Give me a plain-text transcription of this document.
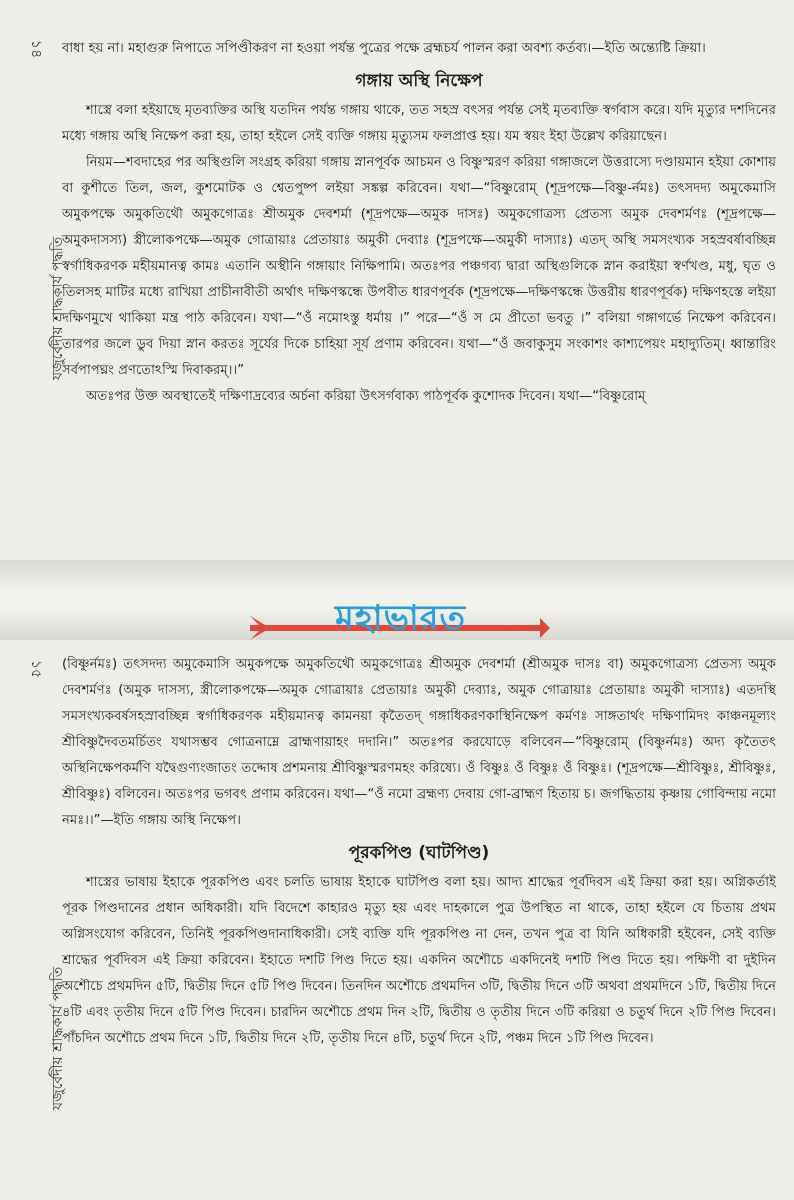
১৪
যজুর্বেদীয় শ্রাদ্ধকার্য পদ্ধতি

বাধা হয় না। মহাগুরু নিপাতে সপিণ্ডীকরণ না হওয়া পর্যন্ত পুত্রের পক্ষে ব্রহ্মচর্য পালন করা অবশ্য কর্তব্য।—ইতি অন্ত্যেষ্টি ক্রিয়া।

গঙ্গায় অস্থি নিক্ষেপ

শাস্ত্রে বলা হইয়াছে মৃতব্যক্তির অস্থি যতদিন পর্যন্ত গঙ্গায় থাকে, তত সহস্র বৎসর পর্যন্ত সেই মৃতব্যক্তি স্বর্গবাস করে। যদি মৃত্যুর দশদিনের মধ্যে গঙ্গায় অস্থি নিক্ষেপ করা হয়, তাহা হইলে সেই ব্যক্তি গঙ্গায় মৃত্যুসম ফলপ্রাপ্ত হয়। যম স্বয়ং ইহা উল্লেখ করিয়াছেন।

নিয়ম—শবদাহের পর অস্থিগুলি সংগ্রহ করিয়া গঙ্গায় স্নানপূর্বক আচমন ও বিষ্ণুস্মরণ করিয়া গঙ্গাজলে উত্তরাস্যে দণ্ডায়মান হইয়া কোশায় বা কুশীতে তিল, জল, কুশমোটক ও শ্বেতপুষ্প লইয়া সঙ্কল্প করিবেন। যথা—“বিষ্ণুরোম্ (শূদ্রপক্ষে—বিষ্ণু-র্নমঃ) তৎসদদ্য অমুকেমাসি অমুকপক্ষে অমুকতিথৌ অমুকগোত্রঃ শ্রীঅমুক দেবশর্মা (শূদ্রপক্ষে—অমুক দাসঃ) অমুকগোত্রস্য প্রেতস্য অমুক দেবশর্মণঃ (শূদ্রপক্ষে—অমুকদাসস্য) স্ত্রীলোকপক্ষে—অমুক গোত্রায়াঃ প্রেতায়াঃ অমুকী দেব্যাঃ (শূদ্রপক্ষে—অমুকী দাস্যাঃ) এতদ্ অস্থি সমসংখ্যক সহস্রবর্ষাবচ্ছিন্ন স্বর্গাধিকরণক মহীয়মানত্ব কামঃ এতানি অস্থীনি গঙ্গায়াং নিক্ষিপামি। অতঃপর পঞ্চগব্য দ্বারা অস্থিগুলিকে স্নান করাইয়া স্বর্ণখণ্ড, মধু, ঘৃত ও তিলসহ মাটির মধ্যে রাখিয়া প্রাচীনাবীতী অর্থাৎ দক্ষিণস্কন্ধে উপবীত ধারণপূর্বক (শূদ্রপক্ষে—দক্ষিণস্কন্ধে উত্তরীয় ধারণপূর্বক) দক্ষিণহস্তে লইয়া দক্ষিণমুখে থাকিয়া মন্ত্র পাঠ করিবেন। যথা—“ওঁ নমোঽস্তু ধর্মায় ।” পরে—“ওঁ স মে প্রীতো ভবতু ।” বলিয়া গঙ্গাগর্ভে নিক্ষেপ করিবেন। তারপর জলে ডুব দিয়া স্নান করতঃ সূর্যের দিকে চাহিয়া সূর্য প্রণাম করিবেন। যথা—“ওঁ জবাকুসুম সংকাশং কাশ্যপেয়ং মহাদ্যুতিম্। ধ্বান্তারিং সর্বপাপঘ্নং প্রণতোঽস্মি দিবাকরম্।।”

অতঃপর উক্ত অবস্থাতেই দক্ষিণাদ্রব্যের অর্চনা করিয়া উৎসর্গবাক্য পাঠপূর্বক কুশোদক দিবেন। যথা—“বিষ্ণুরোম্

মহাভারত
১৫
যজুর্বেদীয় শ্রাদ্ধকার্য পদ্ধতি

(বিষ্ণুর্নমঃ) তৎসদদ্য অমুকেমাসি অমুকপক্ষে অমুকতিথৌ অমুকগোত্রঃ শ্রীঅমুক দেবশর্মা (শ্রীঅমুক দাসঃ বা) অমুকগোত্রস্য প্রেতস্য অমুক দেবশর্মণঃ (অমুক দাসস্য, স্ত্রীলোকপক্ষে—অমুক গোত্রায়াঃ প্রেতায়াঃ অমুকী দেব্যাঃ, অমুক গোত্রায়াঃ প্রেতায়াঃ অমুকী দাস্যাঃ) এতদস্থি সমসংখ্যকবর্ষসহস্রাবচ্ছিন্ন স্বর্গাধিকরণক মহীয়মানত্ব কামনয়া কৃতৈতদ্ গঙ্গাধিকরণকাস্থিনিক্ষেপ কর্মণঃ সাঙ্গতার্থং দক্ষিণামিদং কাঞ্চনমূল্যং শ্রীবিষ্ণুদৈবতমর্চিতং যথাসম্ভব গোত্রনাম্নে ব্রাহ্মণায়াহং দদানি।” অতঃপর করযোড়ে বলিবেন—“বিষ্ণুরোম্ (বিষ্ণুর্নমঃ) অদ্য কৃতৈতৎ অস্থিনিক্ষেপকর্মণি যদ্বৈগুণ্যংজাতং তদ্দোষ প্রশমনায় শ্রীবিষ্ণুস্মরণমহং করিষ্যে। ওঁ বিষ্ণুঃ ওঁ বিষ্ণুঃ ওঁ বিষ্ণুঃ। (শূদ্রপক্ষে—শ্রীবিষ্ণুঃ, শ্রীবিষ্ণুঃ, শ্রীবিষ্ণুঃ) বলিবেন। অতঃপর ভগবৎ প্রণাম করিবেন। যথা—“ওঁ নমো ব্রহ্মণ্য দেবায় গো-ব্রাহ্মণ হিতায় চ। জগদ্ধিতায় কৃষ্ণায় গোবিন্দায় নমো নমঃ।।”—ইতি গঙ্গায় অস্থি নিক্ষেপ।

পূরকপিণ্ড (ঘাটপিণ্ড)

শাস্ত্রের ভাষায় ইহাকে পূরকপিণ্ড এবং চলতি ভাষায় ইহাকে ঘাটপিণ্ড বলা হয়। আদ্য শ্রাদ্ধের পূর্বদিবস এই ক্রিয়া করা হয়। অগ্নিকর্তাই পূরক পিণ্ডদানের প্রধান অধিকারী। যদি বিদেশে কাহারও মৃত্যু হয় এবং দাহকালে পুত্র উপস্থিত না থাকে, তাহা হইলে যে চিতায় প্রথম অগ্নিসংযোগ করিবেন, তিনিই পূরকপিণ্ডদানাধিকারী। সেই ব্যক্তি যদি পূরকপিণ্ড না দেন, তখন পুত্র বা যিনি অধিকারী হইবেন, সেই ব্যক্তি শ্রাদ্ধের পূর্বদিবস এই ক্রিয়া করিবেন। ইহাতে দশটি পিণ্ড দিতে হয়। একদিন অশৌচে একদিনেই দশটি পিণ্ড দিতে হয়। পক্ষিণী বা দুইদিন অশৌচে প্রথমদিন ৫টি, দ্বিতীয় দিনে ৫টি পিণ্ড দিবেন। তিনদিন অশৌচে প্রথমদিন ৩টি, দ্বিতীয় দিনে ৩টি অথবা প্রথমদিনে ১টি, দ্বিতীয় দিনে ৪টি এবং তৃতীয় দিনে ৫টি পিণ্ড দিবেন। চারদিন অশৌচে প্রথম দিন ২টি, দ্বিতীয় ও তৃতীয় দিনে ৩টি করিয়া ও চতুর্থ দিনে ২টি পিণ্ড দিবেন। পাঁচদিন অশৌচে প্রথম দিনে ১টি, দ্বিতীয় দিনে ২টি, তৃতীয় দিনে ৪টি, চতুর্থ দিনে ২টি, পঞ্চম দিনে ১টি পিণ্ড দিবেন।
